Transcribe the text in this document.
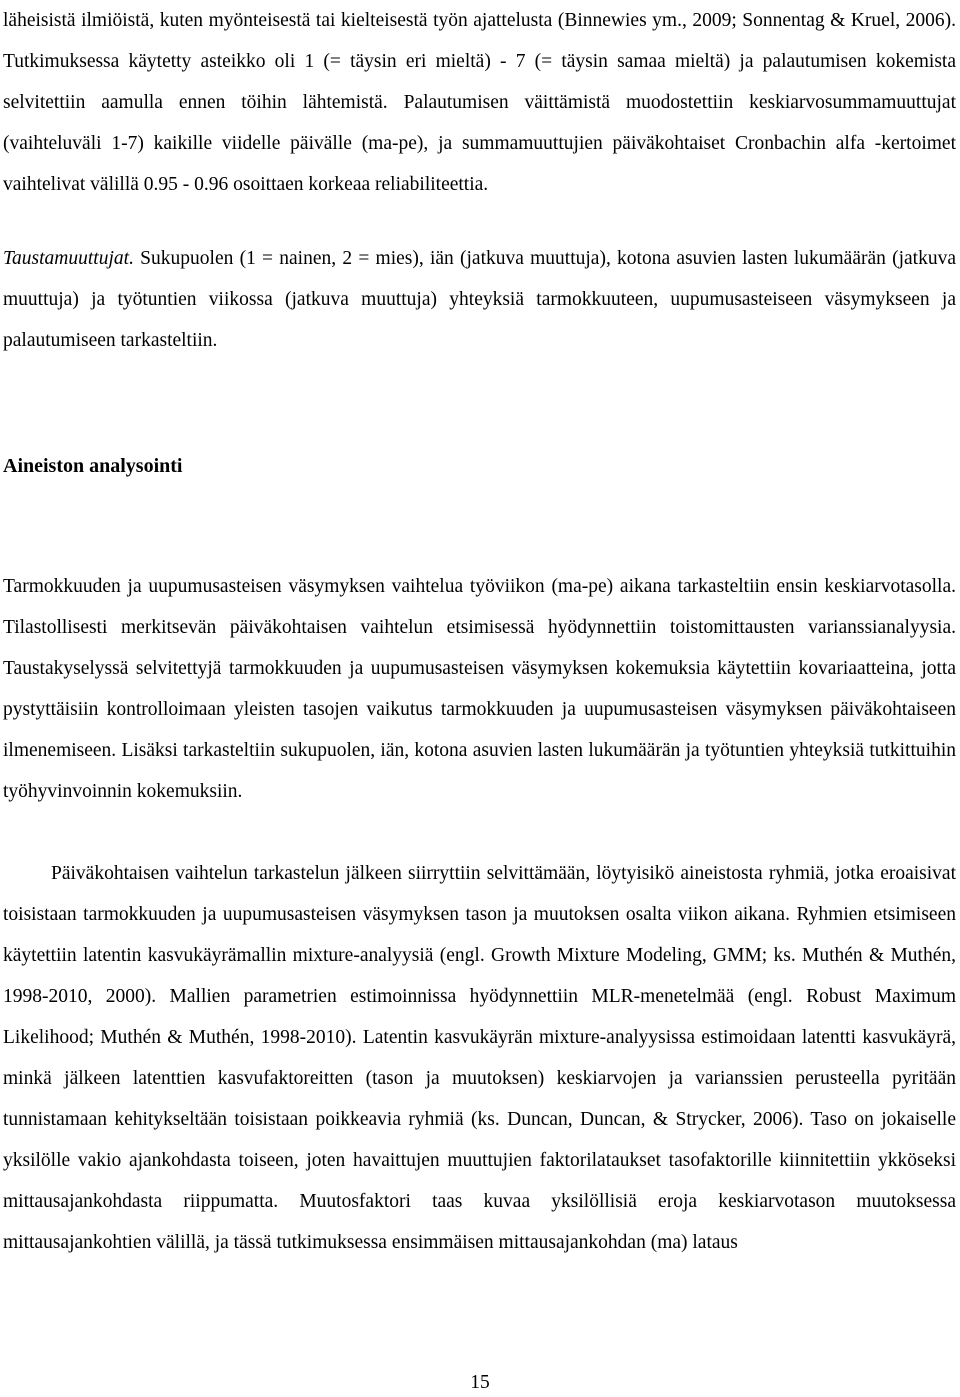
läheisistä ilmiöistä, kuten myönteisestä tai kielteisestä työn ajattelusta (Binnewies ym., 2009; Sonnentag & Kruel, 2006). Tutkimuksessa käytetty asteikko oli 1 (= täysin eri mieltä) - 7 (= täysin samaa mieltä) ja palautumisen kokemista selvitettiin aamulla ennen töihin lähtemistä. Palautumisen väittämistä muodostettiin keskiarvosummamuuttujat (vaihteluväli 1-7) kaikille viidelle päivälle (ma-pe), ja summamuuttujien päiväkohtaiset Cronbachin alfa -kertoimet vaihtelivat välillä 0.95 - 0.96 osoittaen korkeaa reliabiliteettia.

Taustamuuttujat. Sukupuolen (1 = nainen, 2 = mies), iän (jatkuva muuttuja), kotona asuvien lasten lukumäärän (jatkuva muuttuja) ja työtuntien viikossa (jatkuva muuttuja) yhteyksiä tarmokkuuteen, uupumusasteiseen väsymykseen ja palautumiseen tarkasteltiin.

Aineiston analysointi

Tarmokkuuden ja uupumusasteisen väsymyksen vaihtelua työviikon (ma-pe) aikana tarkasteltiin ensin keskiarvotasolla. Tilastollisesti merkitsevän päiväkohtaisen vaihtelun etsimisessä hyödynnettiin toistomittausten varianssianalyysia. Taustakyselyssä selvitettyjä tarmokkuuden ja uupumusasteisen väsymyksen kokemuksia käytettiin kovariaatteina, jotta pystyttäisiin kontrolloimaan yleisten tasojen vaikutus tarmokkuuden ja uupumusasteisen väsymyksen päiväkohtaiseen ilmenemiseen. Lisäksi tarkasteltiin sukupuolen, iän, kotona asuvien lasten lukumäärän ja työtuntien yhteyksiä tutkittuihin työhyvinvoinnin kokemuksiin.

Päiväkohtaisen vaihtelun tarkastelun jälkeen siirryttiin selvittämään, löytyisikö aineistosta ryhmiä, jotka eroaisivat toisistaan tarmokkuuden ja uupumusasteisen väsymyksen tason ja muutoksen osalta viikon aikana. Ryhmien etsimiseen käytettiin latentin kasvukäyrämallin mixture-analyysiä (engl. Growth Mixture Modeling, GMM; ks. Muthén & Muthén, 1998-2010, 2000). Mallien parametrien estimoinnissa hyödynnettiin MLR-menetelmää (engl. Robust Maximum Likelihood; Muthén & Muthén, 1998-2010). Latentin kasvukäyrän mixture-analyysissa estimoidaan latentti kasvukäyrä, minkä jälkeen latenttien kasvufaktoreitten (tason ja muutoksen) keskiarvojen ja varianssien perusteella pyritään tunnistamaan kehitykseltään toisistaan poikkeavia ryhmiä (ks. Duncan, Duncan, & Strycker, 2006). Taso on jokaiselle yksilölle vakio ajankohdasta toiseen, joten havaittujen muuttujien faktorilataukset tasofaktorille kiinnitettiin ykköseksi mittausajankohdasta riippumatta. Muutosfaktori taas kuvaa yksilöllisiä eroja keskiarvotason muutoksessa mittausajankohtien välillä, ja tässä tutkimuksessa ensimmäisen mittausajankohdan (ma) lataus

15
